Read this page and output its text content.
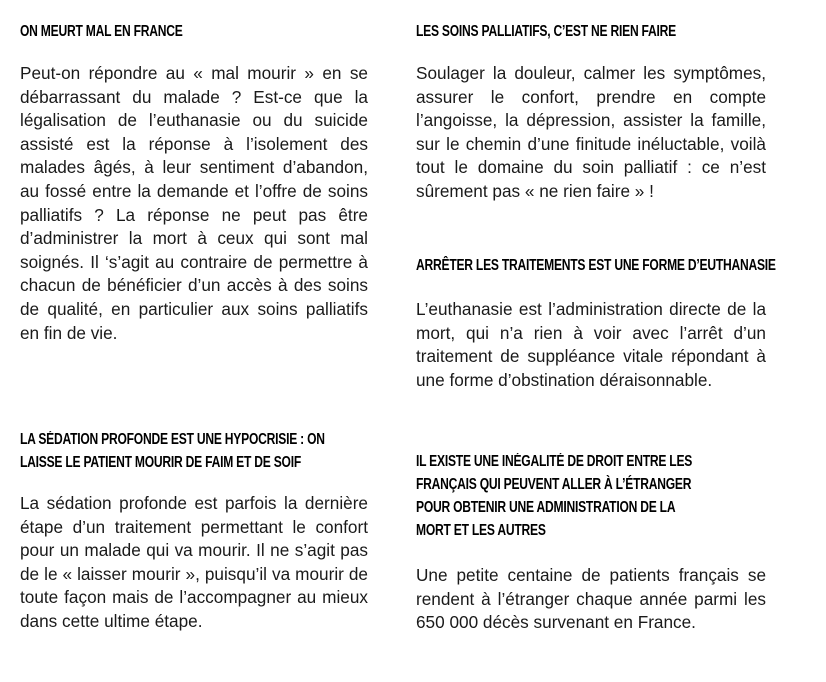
ON MEURT MAL EN FRANCE
Peut-on répondre au « mal mourir » en se débarrassant du malade ? Est-ce que la légalisation de l’euthanasie ou du suicide assisté est la réponse à l’isolement des malades âgés, à leur sentiment d’abandon, au fossé entre la demande et l’offre de soins palliatifs ? La réponse ne peut pas être d’administrer la mort à ceux qui sont mal soignés. Il ‘s’agit au contraire de permettre à chacun de bénéficier d’un accès à des soins de qualité, en particulier aux soins palliatifs en fin de vie.
LA SÉDATION PROFONDE EST UNE HYPOCRISIE : ON
LAISSE LE PATIENT MOURIR DE FAIM ET DE SOIF
La sédation profonde est parfois la dernière étape d’un traitement permettant le confort pour un malade qui va mourir. Il ne s’agit pas de le « laisser mourir », puisqu’il va mourir de toute façon mais de l’accompagner au mieux dans cette ultime étape.
LES SOINS PALLIATIFS, C’EST NE RIEN FAIRE
Soulager la douleur, calmer les symptômes, assurer le confort, prendre en compte l’angoisse, la dépression, assister la famille, sur le chemin d’une finitude inéluctable, voilà tout le domaine du soin palliatif : ce n’est sûrement pas « ne rien faire » !
ARRÊTER LES TRAITEMENTS EST UNE FORME D’EUTHANASIE
L’euthanasie est l’administration directe de la mort, qui n’a rien à voir avec l’arrêt d’un traitement de suppléance vitale répondant à une forme d’obstination déraisonnable.
IL EXISTE UNE INÉGALITÉ DE DROIT ENTRE LES
FRANÇAIS QUI PEUVENT ALLER À L’ÉTRANGER
POUR OBTENIR UNE ADMINISTRATION DE LA
MORT ET LES AUTRES
Une petite centaine de patients français se rendent à l’étranger chaque année parmi les 650 000 décès survenant en France.
